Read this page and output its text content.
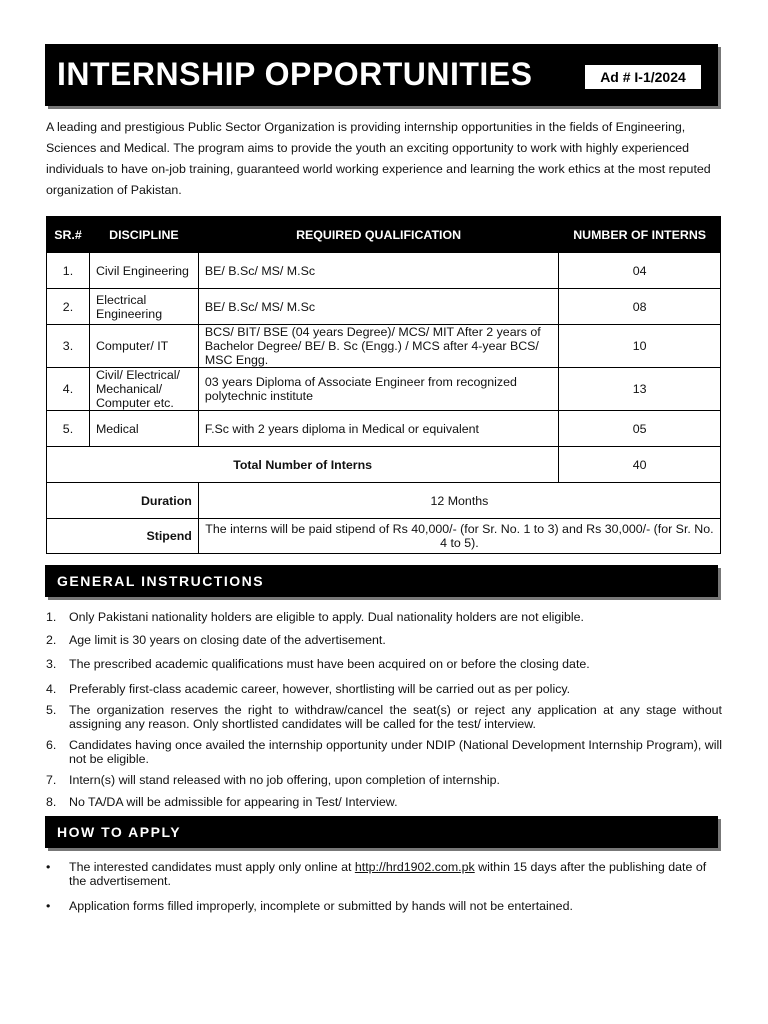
INTERNSHIP OPPORTUNITIES	Ad # I-1/2024

A leading and prestigious Public Sector Organization is providing internship opportunities in the fields of Engineering, Sciences and Medical. The program aims to provide the youth an exciting opportunity to work with highly experienced individuals to have on-job training, guaranteed world working experience and learning the work ethics at the most reputed organization of Pakistan.

SR.#	DISCIPLINE	REQUIRED QUALIFICATION	NUMBER OF INTERNS
1.	Civil Engineering	BE/ B.Sc/ MS/ M.Sc	04
2.	Electrical Engineering	BE/ B.Sc/ MS/ M.Sc	08
3.	Computer/ IT	BCS/ BIT/ BSE (04 years Degree)/ MCS/ MIT After 2 years of Bachelor Degree/ BE/ B. Sc (Engg.) / MCS after 4-year BCS/ MSC Engg.	10
4.	Civil/ Electrical/ Mechanical/ Computer etc.	03 years Diploma of Associate Engineer from recognized polytechnic institute	13
5.	Medical	F.Sc with 2 years diploma in Medical or equivalent	05
Total Number of Interns			40
Duration		12 Months	
Stipend		The interns will be paid stipend of Rs 40,000/- (for Sr. No. 1 to 3) and Rs 30,000/- (for Sr. No. 4 to 5).	
GENERAL INSTRUCTIONS
1. Only Pakistani nationality holders are eligible to apply. Dual nationality holders are not eligible.
2. Age limit is 30 years on closing date of the advertisement.
3. The prescribed academic qualifications must have been acquired on or before the closing date.
4. Preferably first-class academic career, however, shortlisting will be carried out as per policy.
5. The organization reserves the right to withdraw/cancel the seat(s) or reject any application at any stage without assigning any reason. Only shortlisted candidates will be called for the test/ interview.
6. Candidates having once availed the internship opportunity under NDIP (National Development Internship Program), will not be eligible.
7. Intern(s) will stand released with no job offering, upon completion of internship.
8. No TA/DA will be admissible for appearing in Test/ Interview.
HOW TO APPLY
• The interested candidates must apply only online at http://hrd1902.com.pk within 15 days after the publishing date of the advertisement.
• Application forms filled improperly, incomplete or submitted by hands will not be entertained.
